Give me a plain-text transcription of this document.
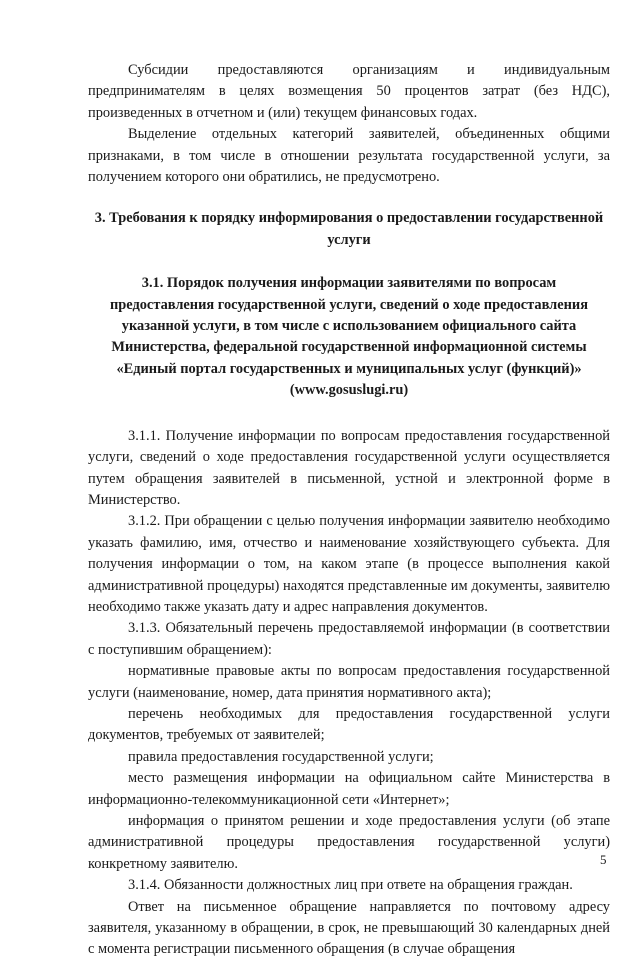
Субсидии предоставляются организациям и индивидуальным предпринимателям в целях возмещения 50 процентов затрат (без НДС), произведенных в отчетном и (или) текущем финансовых годах.

Выделение отдельных категорий заявителей, объединенных общими признаками, в том числе в отношении результата государственной услуги, за получением которого они обратились, не предусмотрено.

3. Требования к порядку информирования о предоставлении государственной услуги

3.1. Порядок получения информации заявителями по вопросам предоставления государственной услуги, сведений о ходе предоставления указанной услуги, в том числе с использованием официального сайта Министерства, федеральной государственной информационной системы «Единый портал государственных и муниципальных услуг (функций)» (www.gosuslugi.ru)

3.1.1. Получение информации по вопросам предоставления государственной услуги, сведений о ходе предоставления государственной услуги осуществляется путем обращения заявителей в письменной, устной и электронной форме в Министерство.

3.1.2. При обращении с целью получения информации заявителю необходимо указать фамилию, имя, отчество и наименование хозяйствующего субъекта. Для получения информации о том, на каком этапе (в процессе выполнения какой административной процедуры) находятся представленные им документы, заявителю необходимо также указать дату и адрес направления документов.

3.1.3. Обязательный перечень предоставляемой информации (в соответствии с поступившим обращением):

нормативные правовые акты по вопросам предоставления государственной услуги (наименование, номер, дата принятия нормативного акта);

перечень необходимых для предоставления государственной услуги документов, требуемых от заявителей;

правила предоставления государственной услуги;

место размещения информации на официальном сайте Министерства в информационно-телекоммуникационной сети «Интернет»;

информация о принятом решении и ходе предоставления услуги (об этапе административной процедуры предоставления государственной услуги) конкретному заявителю.

3.1.4. Обязанности должностных лиц при ответе на обращения граждан.

Ответ на письменное обращение направляется по почтовому адресу заявителя, указанному в обращении, в срок, не превышающий 30 календарных дней с момента регистрации письменного обращения (в случае обращения

5
